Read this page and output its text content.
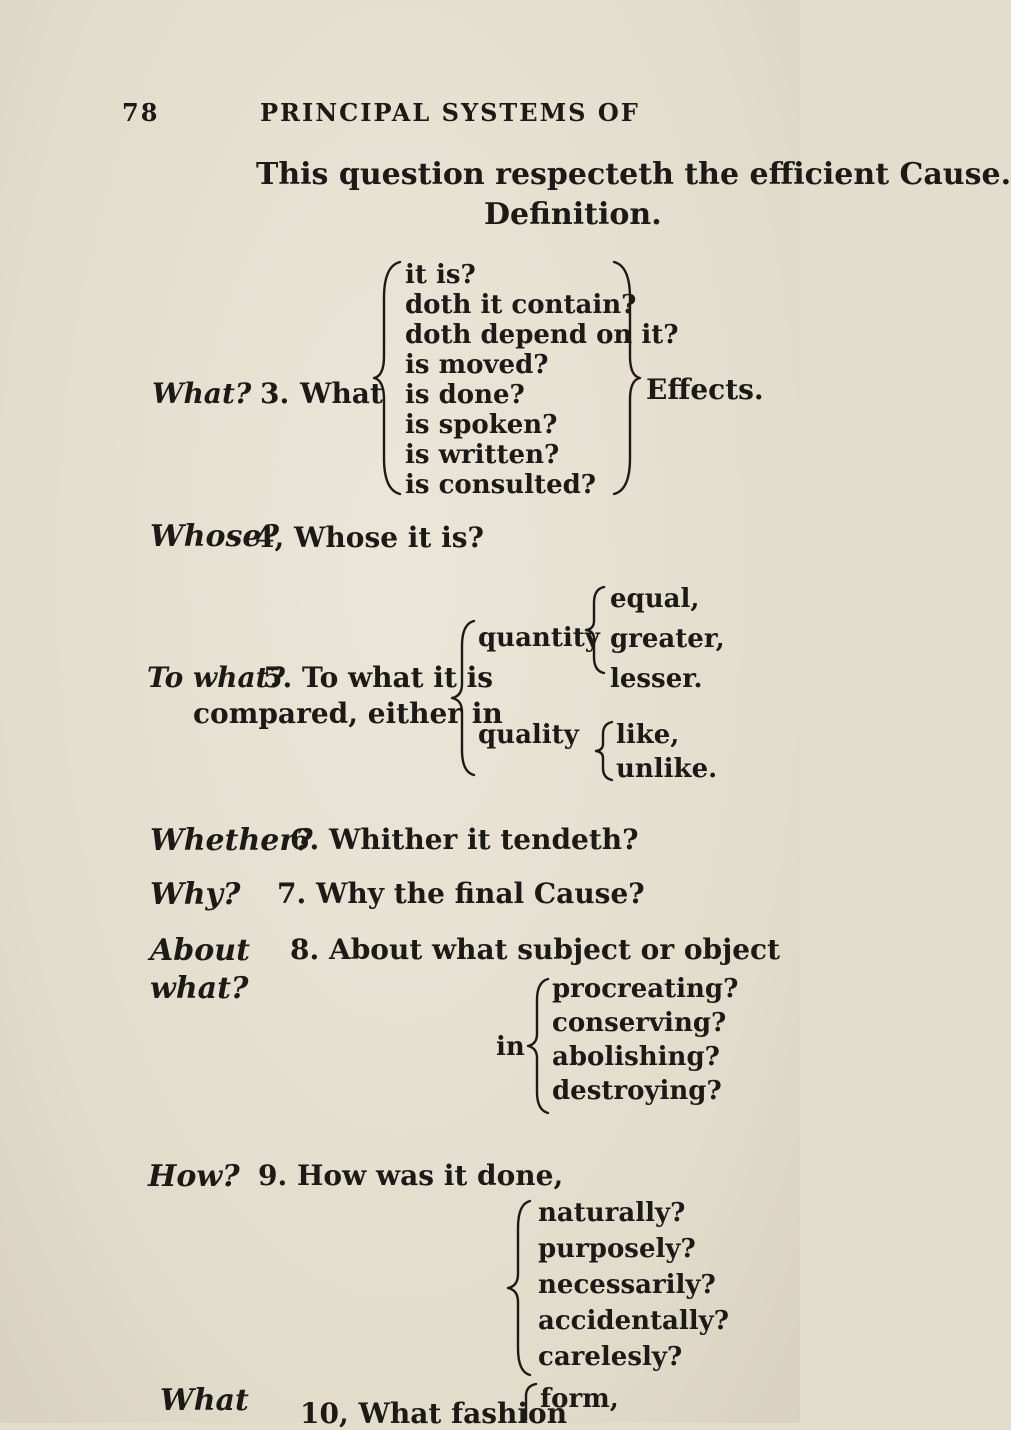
78	PRINCIPAL SYSTEMS OF
This question respecteth the efficient Cause.
Definition.
What? 3. What
it is?
doth it contain?
doth depend on it?
is moved?
is done?
is spoken?
is written?
is consulted?
Effects.
Whose?
4, Whose it is?
To what?
5. To what it is
compared, either in
quantity
equal,
greater,
lesser.
quality like,
unlike.
Whether?
6. Whither it tendeth?
Why? 7. Why the final Cause?
About
what?
8. About what subject or object
in
procreating?
conserving?
abolishing?
destroying?
How? 9. How was it done,
naturally?
purposely?
necessarily?
accidentally?
carelesly?
What 10, What fashion
form,
